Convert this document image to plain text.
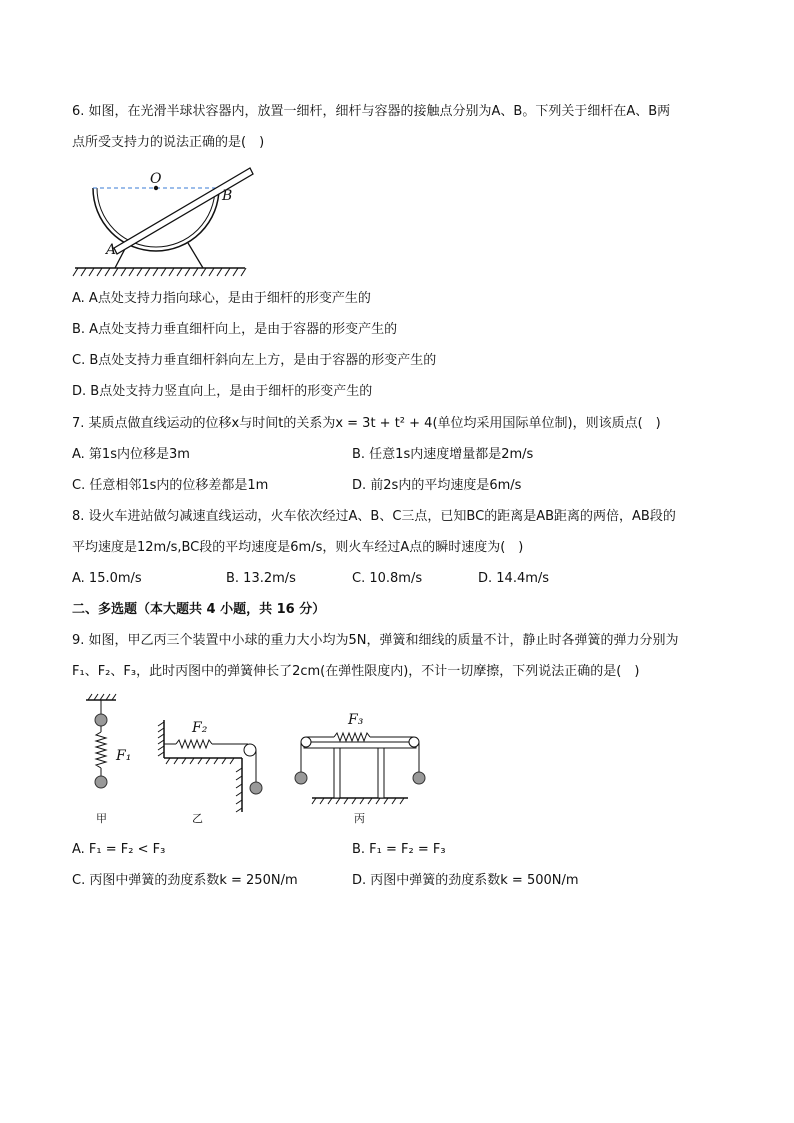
6. 如图，在光滑半球状容器内，放置一细杆，细杆与容器的接触点分别为A、B。下列关于细杆在A、B两
点所受支持力的说法正确的是(　)
O
B
A
A. A点处支持力指向球心，是由于细杆的形变产生的
B. A点处支持力垂直细杆向上，是由于容器的形变产生的
C. B点处支持力垂直细杆斜向左上方，是由于容器的形变产生的
D. B点处支持力竖直向上，是由于细杆的形变产生的
7. 某质点做直线运动的位移x与时间t的关系为x = 3t + t² + 4(单位均采用国际单位制)，则该质点(　)
A. 第1s内位移是3m	B. 任意1s内速度增量都是2m/s
C. 任意相邻1s内的位移差都是1m	D. 前2s内的平均速度是6m/s
8. 设火车进站做匀减速直线运动，火车依次经过A、B、C三点，已知BC的距离是AB距离的两倍，AB段的
平均速度是12m/s,BC段的平均速度是6m/s，则火车经过A点的瞬时速度为(　)
A. 15.0m/s	B. 13.2m/s	C. 10.8m/s	D. 14.4m/s
二、多选题（本大题共 4 小题，共 16 分）
9. 如图，甲乙丙三个装置中小球的重力大小均为5N，弹簧和细线的质量不计，静止时各弹簧的弹力分别为
F₁、F₂、F₃，此时丙图中的弹簧伸长了2cm(在弹性限度内)，不计一切摩擦，下列说法正确的是(　)
F₁
甲
F₂
乙
F₃
丙
A. F₁ = F₂ < F₃	B. F₁ = F₂ = F₃
C. 丙图中弹簧的劲度系数k = 250N/m	D. 丙图中弹簧的劲度系数k = 500N/m
